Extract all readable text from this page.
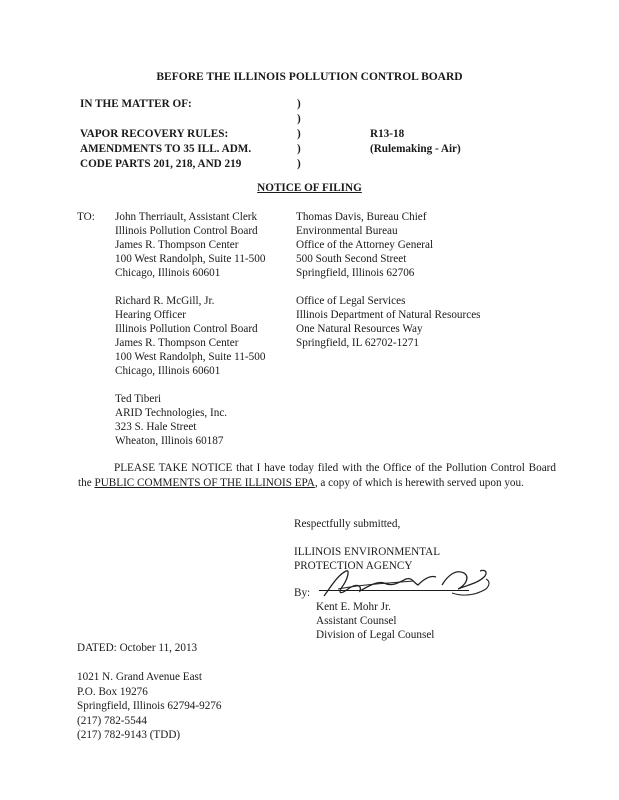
BEFORE THE ILLINOIS POLLUTION CONTROL BOARD
IN THE MATTER OF:
VAPOR RECOVERY RULES:
AMENDMENTS TO 35 ILL. ADM.
CODE PARTS 201, 218, AND 219
)
)
)
)
)
R13-18
(Rulemaking - Air)
NOTICE OF FILING
TO: John Therriault, Assistant Clerk
Illinois Pollution Control Board
James R. Thompson Center
100 West Randolph, Suite 11-500
Chicago, Illinois 60601
Thomas Davis, Bureau Chief
Environmental Bureau
Office of the Attorney General
500 South Second Street
Springfield, Illinois 62706
Richard R. McGill, Jr.
Hearing Officer
Illinois Pollution Control Board
James R. Thompson Center
100 West Randolph, Suite 11-500
Chicago, Illinois 60601
Office of Legal Services
Illinois Department of Natural Resources
One Natural Resources Way
Springfield, IL 62702-1271
Ted Tiberi
ARID Technologies, Inc.
323 S. Hale Street
Wheaton, Illinois 60187
PLEASE TAKE NOTICE that I have today filed with the Office of the Pollution Control Board the PUBLIC COMMENTS OF THE ILLINOIS EPA, a copy of which is herewith served upon you.
Respectfully submitted,
ILLINOIS ENVIRONMENTAL
PROTECTION AGENCY
By:
Kent E. Mohr Jr.
Assistant Counsel
Division of Legal Counsel
DATED: October 11, 2013
1021 N. Grand Avenue East
P.O. Box 19276
Springfield, Illinois 62794-9276
(217) 782-5544
(217) 782-9143 (TDD)
